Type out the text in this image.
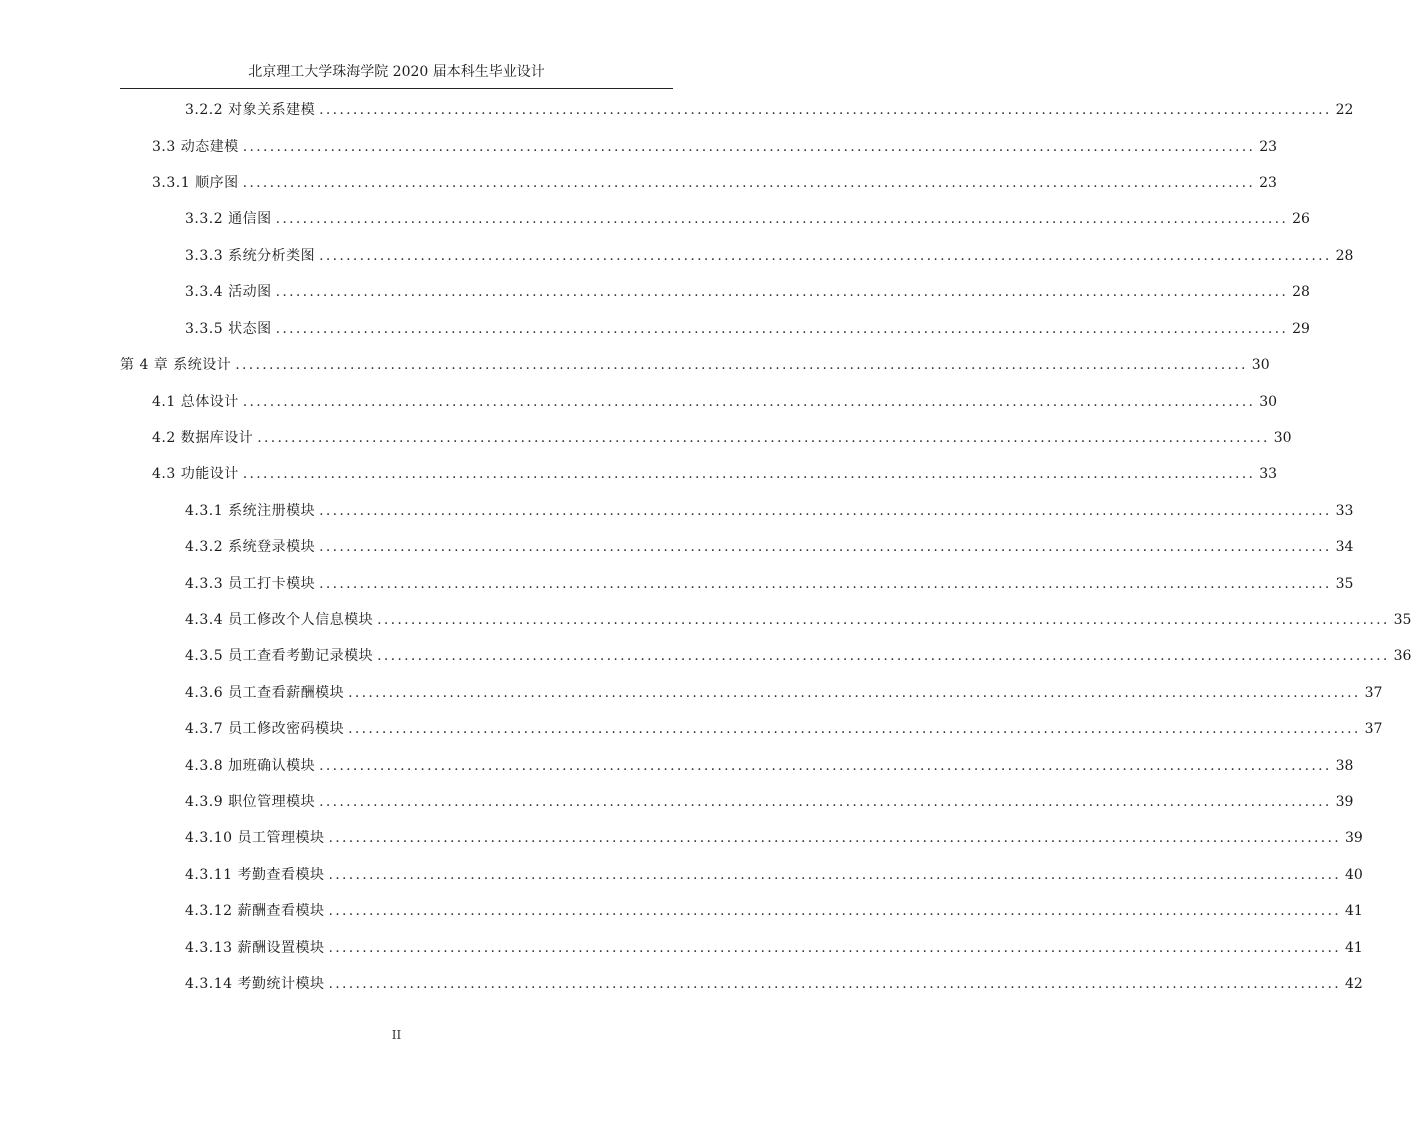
北京理工大学珠海学院 2020 届本科生毕业设计
3.2.2 对象关系建模 ...................................................................................................................................................... 22
3.3 动态建模 ...................................................................................................................................................... 23
3.3.1 顺序图 ...................................................................................................................................................... 23
3.3.2 通信图 ...................................................................................................................................................... 26
3.3.3 系统分析类图 ...................................................................................................................................................... 28
3.3.4 活动图 ...................................................................................................................................................... 28
3.3.5 状态图 ...................................................................................................................................................... 29
第 4 章 系统设计 ...................................................................................................................................................... 30
4.1 总体设计 ...................................................................................................................................................... 30
4.2 数据库设计 ...................................................................................................................................................... 30
4.3 功能设计 ...................................................................................................................................................... 33
4.3.1 系统注册模块 ...................................................................................................................................................... 33
4.3.2 系统登录模块 ...................................................................................................................................................... 34
4.3.3 员工打卡模块 ...................................................................................................................................................... 35
4.3.4 员工修改个人信息模块 ...................................................................................................................................................... 35
4.3.5 员工查看考勤记录模块 ...................................................................................................................................................... 36
4.3.6 员工查看薪酬模块 ...................................................................................................................................................... 37
4.3.7 员工修改密码模块 ...................................................................................................................................................... 37
4.3.8 加班确认模块 ...................................................................................................................................................... 38
4.3.9 职位管理模块 ...................................................................................................................................................... 39
4.3.10 员工管理模块 ...................................................................................................................................................... 39
4.3.11 考勤查看模块 ...................................................................................................................................................... 40
4.3.12 薪酬查看模块 ...................................................................................................................................................... 41
4.3.13 薪酬设置模块 ...................................................................................................................................................... 41
4.3.14 考勤统计模块 ...................................................................................................................................................... 42
II
